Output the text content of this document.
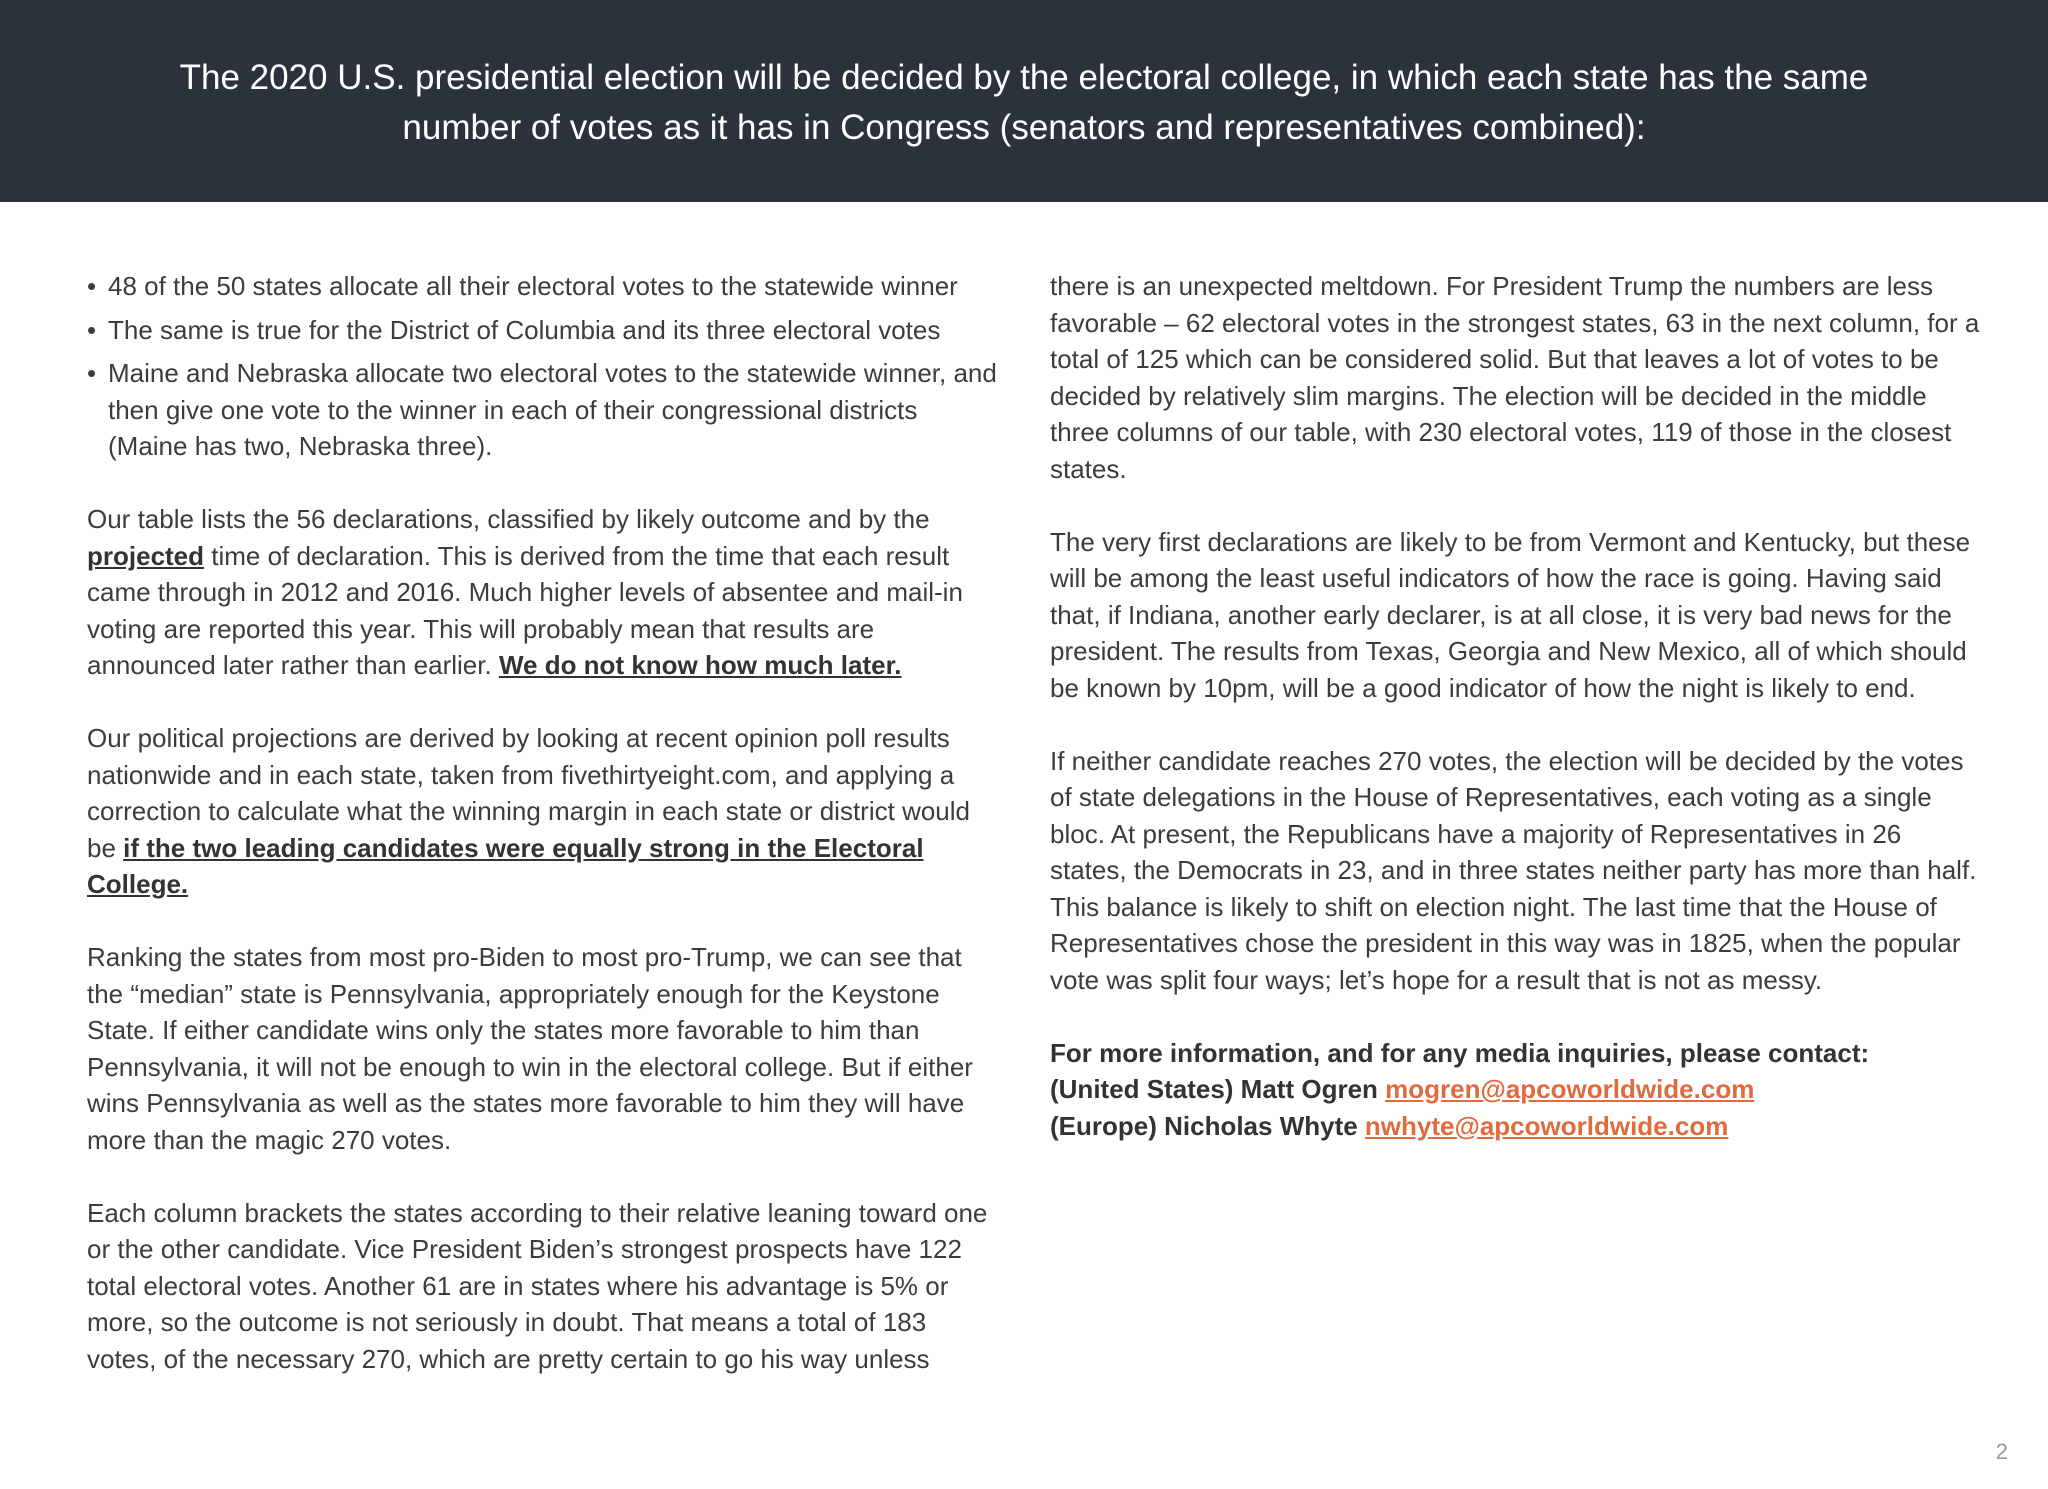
The 2020 U.S. presidential election will be decided by the electoral college, in which each state has the same number of votes as it has in Congress (senators and representatives combined):
• 48 of the 50 states allocate all their electoral votes to the statewide winner
• The same is true for the District of Columbia and its three electoral votes
• Maine and Nebraska allocate two electoral votes to the statewide winner, and then give one vote to the winner in each of their congressional districts (Maine has two, Nebraska three).

Our table lists the 56 declarations, classified by likely outcome and by the projected time of declaration. This is derived from the time that each result came through in 2012 and 2016. Much higher levels of absentee and mail-in voting are reported this year. This will probably mean that results are announced later rather than earlier. We do not know how much later.

Our political projections are derived by looking at recent opinion poll results nationwide and in each state, taken from fivethirtyeight.com, and applying a correction to calculate what the winning margin in each state or district would be if the two leading candidates were equally strong in the Electoral College.

Ranking the states from most pro-Biden to most pro-Trump, we can see that the “median” state is Pennsylvania, appropriately enough for the Keystone State. If either candidate wins only the states more favorable to him than Pennsylvania, it will not be enough to win in the electoral college. But if either wins Pennsylvania as well as the states more favorable to him they will have more than the magic 270 votes.

Each column brackets the states according to their relative leaning toward one or the other candidate. Vice President Biden’s strongest prospects have 122 total electoral votes. Another 61 are in states where his advantage is 5% or more, so the outcome is not seriously in doubt. That means a total of 183 votes, of the necessary 270, which are pretty certain to go his way unless

there is an unexpected meltdown. For President Trump the numbers are less favorable – 62 electoral votes in the strongest states, 63 in the next column, for a total of 125 which can be considered solid. But that leaves a lot of votes to be decided by relatively slim margins. The election will be decided in the middle three columns of our table, with 230 electoral votes, 119 of those in the closest states.

The very first declarations are likely to be from Vermont and Kentucky, but these will be among the least useful indicators of how the race is going. Having said that, if Indiana, another early declarer, is at all close, it is very bad news for the president. The results from Texas, Georgia and New Mexico, all of which should be known by 10pm, will be a good indicator of how the night is likely to end.

If neither candidate reaches 270 votes, the election will be decided by the votes of state delegations in the House of Representatives, each voting as a single bloc. At present, the Republicans have a majority of Representatives in 26 states, the Democrats in 23, and in three states neither party has more than half. This balance is likely to shift on election night. The last time that the House of Representatives chose the president in this way was in 1825, when the popular vote was split four ways; let’s hope for a result that is not as messy.

For more information, and for any media inquiries, please contact:
(United States) Matt Ogren mogren@apcoworldwide.com
(Europe) Nicholas Whyte nwhyte@apcoworldwide.com
2
